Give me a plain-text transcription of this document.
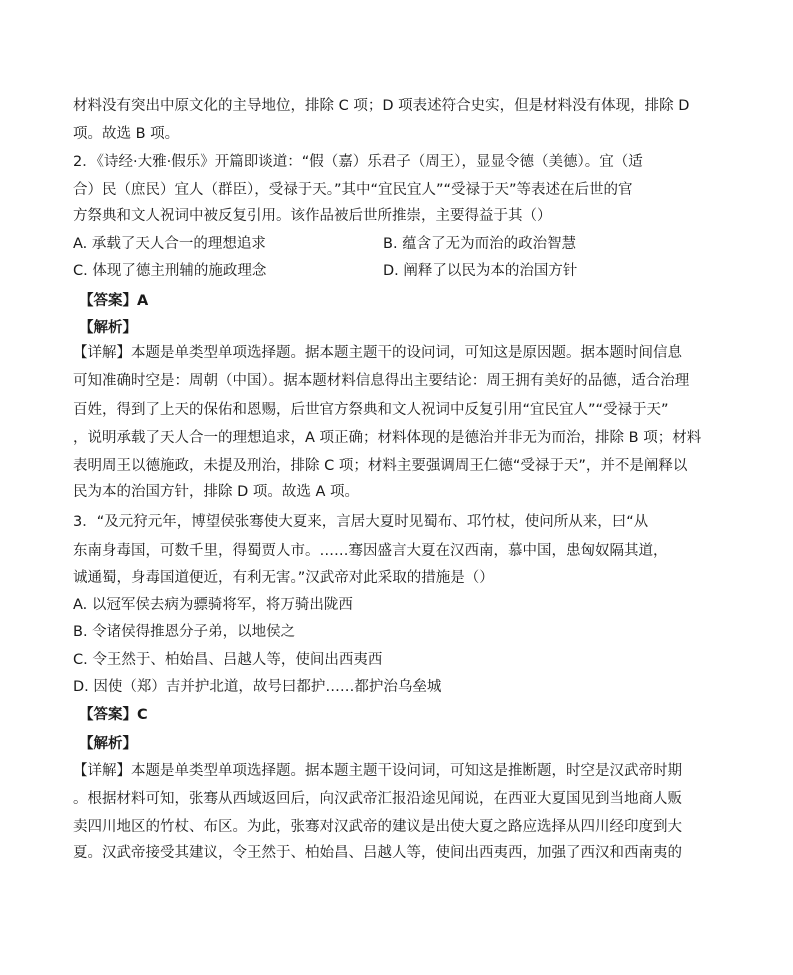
材料没有突出中原文化的主导地位，排除 C 项；D 项表述符合史实，但是材料没有体现，排除 D
项。故选 B 项。
2．《诗经·大雅·假乐》开篇即谈道：“假（嘉）乐君子（周王），显显令德（美德）。宜（适
合）民（庶民）宜人（群臣），受禄于天。”其中“宜民宜人”“受禄于天”等表述在后世的官
方祭典和文人祝词中被反复引用。该作品被后世所推崇，主要得益于其（）
A. 承载了天人合一的理想追求	B. 蕴含了无为而治的政治智慧
C. 体现了德主刑辅的施政理念	D. 阐释了以民为本的治国方针
【答案】A
【解析】
【详解】本题是单类型单项选择题。据本题主题干的设问词，可知这是原因题。据本题时间信息
可知准确时空是：周朝（中国）。据本题材料信息得出主要结论：周王拥有美好的品德，适合治理
百姓，得到了上天的保佑和恩赐，后世官方祭典和文人祝词中反复引用“宜民宜人”“受禄于天”
，说明承载了天人合一的理想追求，A 项正确；材料体现的是德治并非无为而治，排除 B 项；材料
表明周王以德施政，未提及刑治，排除 C 项；材料主要强调周王仁德“受禄于天”，并不是阐释以
民为本的治国方针，排除 D 项。故选 A 项。
3．“及元狩元年，博望侯张骞使大夏来，言居大夏时见蜀布、邛竹杖，使问所从来，曰“从
东南身毒国，可数千里，得蜀贾人市。……骞因盛言大夏在汉西南，慕中国，患匈奴隔其道，
诚通蜀，身毒国道便近，有利无害。”汉武帝对此采取的措施是（）
A. 以冠军侯去病为骠骑将军，将万骑出陇西
B. 令诸侯得推恩分子弟，以地侯之
C. 令王然于、柏始昌、吕越人等，使间出西夷西
D. 因使（郑）吉并护北道，故号曰都护……都护治乌垒城
【答案】C
【解析】
【详解】本题是单类型单项选择题。据本题主题干设问词，可知这是推断题，时空是汉武帝时期
。根据材料可知，张骞从西域返回后，向汉武帝汇报沿途见闻说，在西亚大夏国见到当地商人贩
卖四川地区的竹杖、布区。为此，张骞对汉武帝的建议是出使大夏之路应选择从四川经印度到大
夏。汉武帝接受其建议，令王然于、柏始昌、吕越人等，使间出西夷西，加强了西汉和西南夷的
